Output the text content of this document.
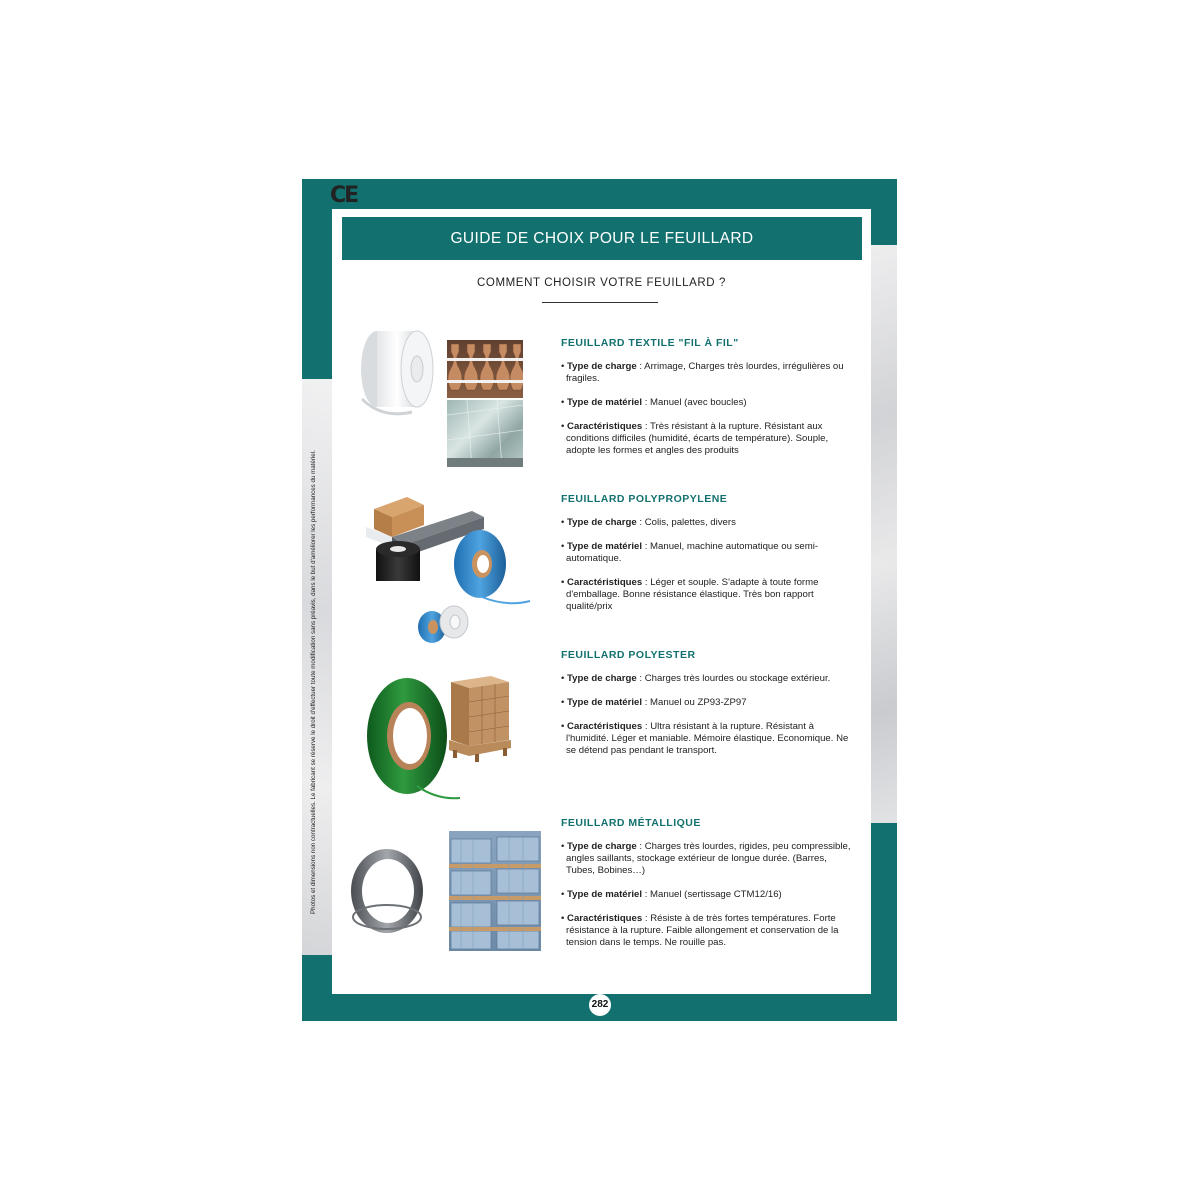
CE
Photos et dimensions non contractuelles. Le fabricant se réserve le droit d'effectuer toute modification sans préavis, dans le but d'améliorer les performances du matériel.
GUIDE DE CHOIX POUR LE FEUILLARD
COMMENT CHOISIR VOTRE FEUILLARD ?
FEUILLARD TEXTILE "FIL À FIL"
• Type de charge : Arrimage, Charges très lourdes, irrégulières ou fragiles.
• Type de matériel : Manuel (avec boucles)
• Caractéristiques : Très résistant à la rupture. Résistant aux conditions difficiles (humidité, écarts de température). Souple, adopte les formes et angles des produits
FEUILLARD POLYPROPYLENE
• Type de charge : Colis, palettes, divers
• Type de matériel : Manuel, machine automatique ou semi-automatique.
• Caractéristiques : Léger et souple. S'adapte à toute forme d'emballage. Bonne résistance élastique. Très bon rapport qualité/prix
FEUILLARD POLYESTER
• Type de charge : Charges très lourdes ou stockage extérieur.
• Type de matériel : Manuel ou ZP93-ZP97
• Caractéristiques : Ultra résistant à la rupture. Résistant à l'humidité. Léger et maniable. Mémoire élastique. Economique. Ne se détend pas pendant le transport.
FEUILLARD MÉTALLIQUE
• Type de charge : Charges très lourdes, rigides, peu compressible, angles saillants, stockage extérieur de longue durée. (Barres, Tubes, Bobines…)
• Type de matériel : Manuel (sertissage CTM12/16)
• Caractéristiques : Résiste à de très fortes températures. Forte résistance à la rupture. Faible allongement et conservation de la tension dans le temps. Ne rouille pas.
282
